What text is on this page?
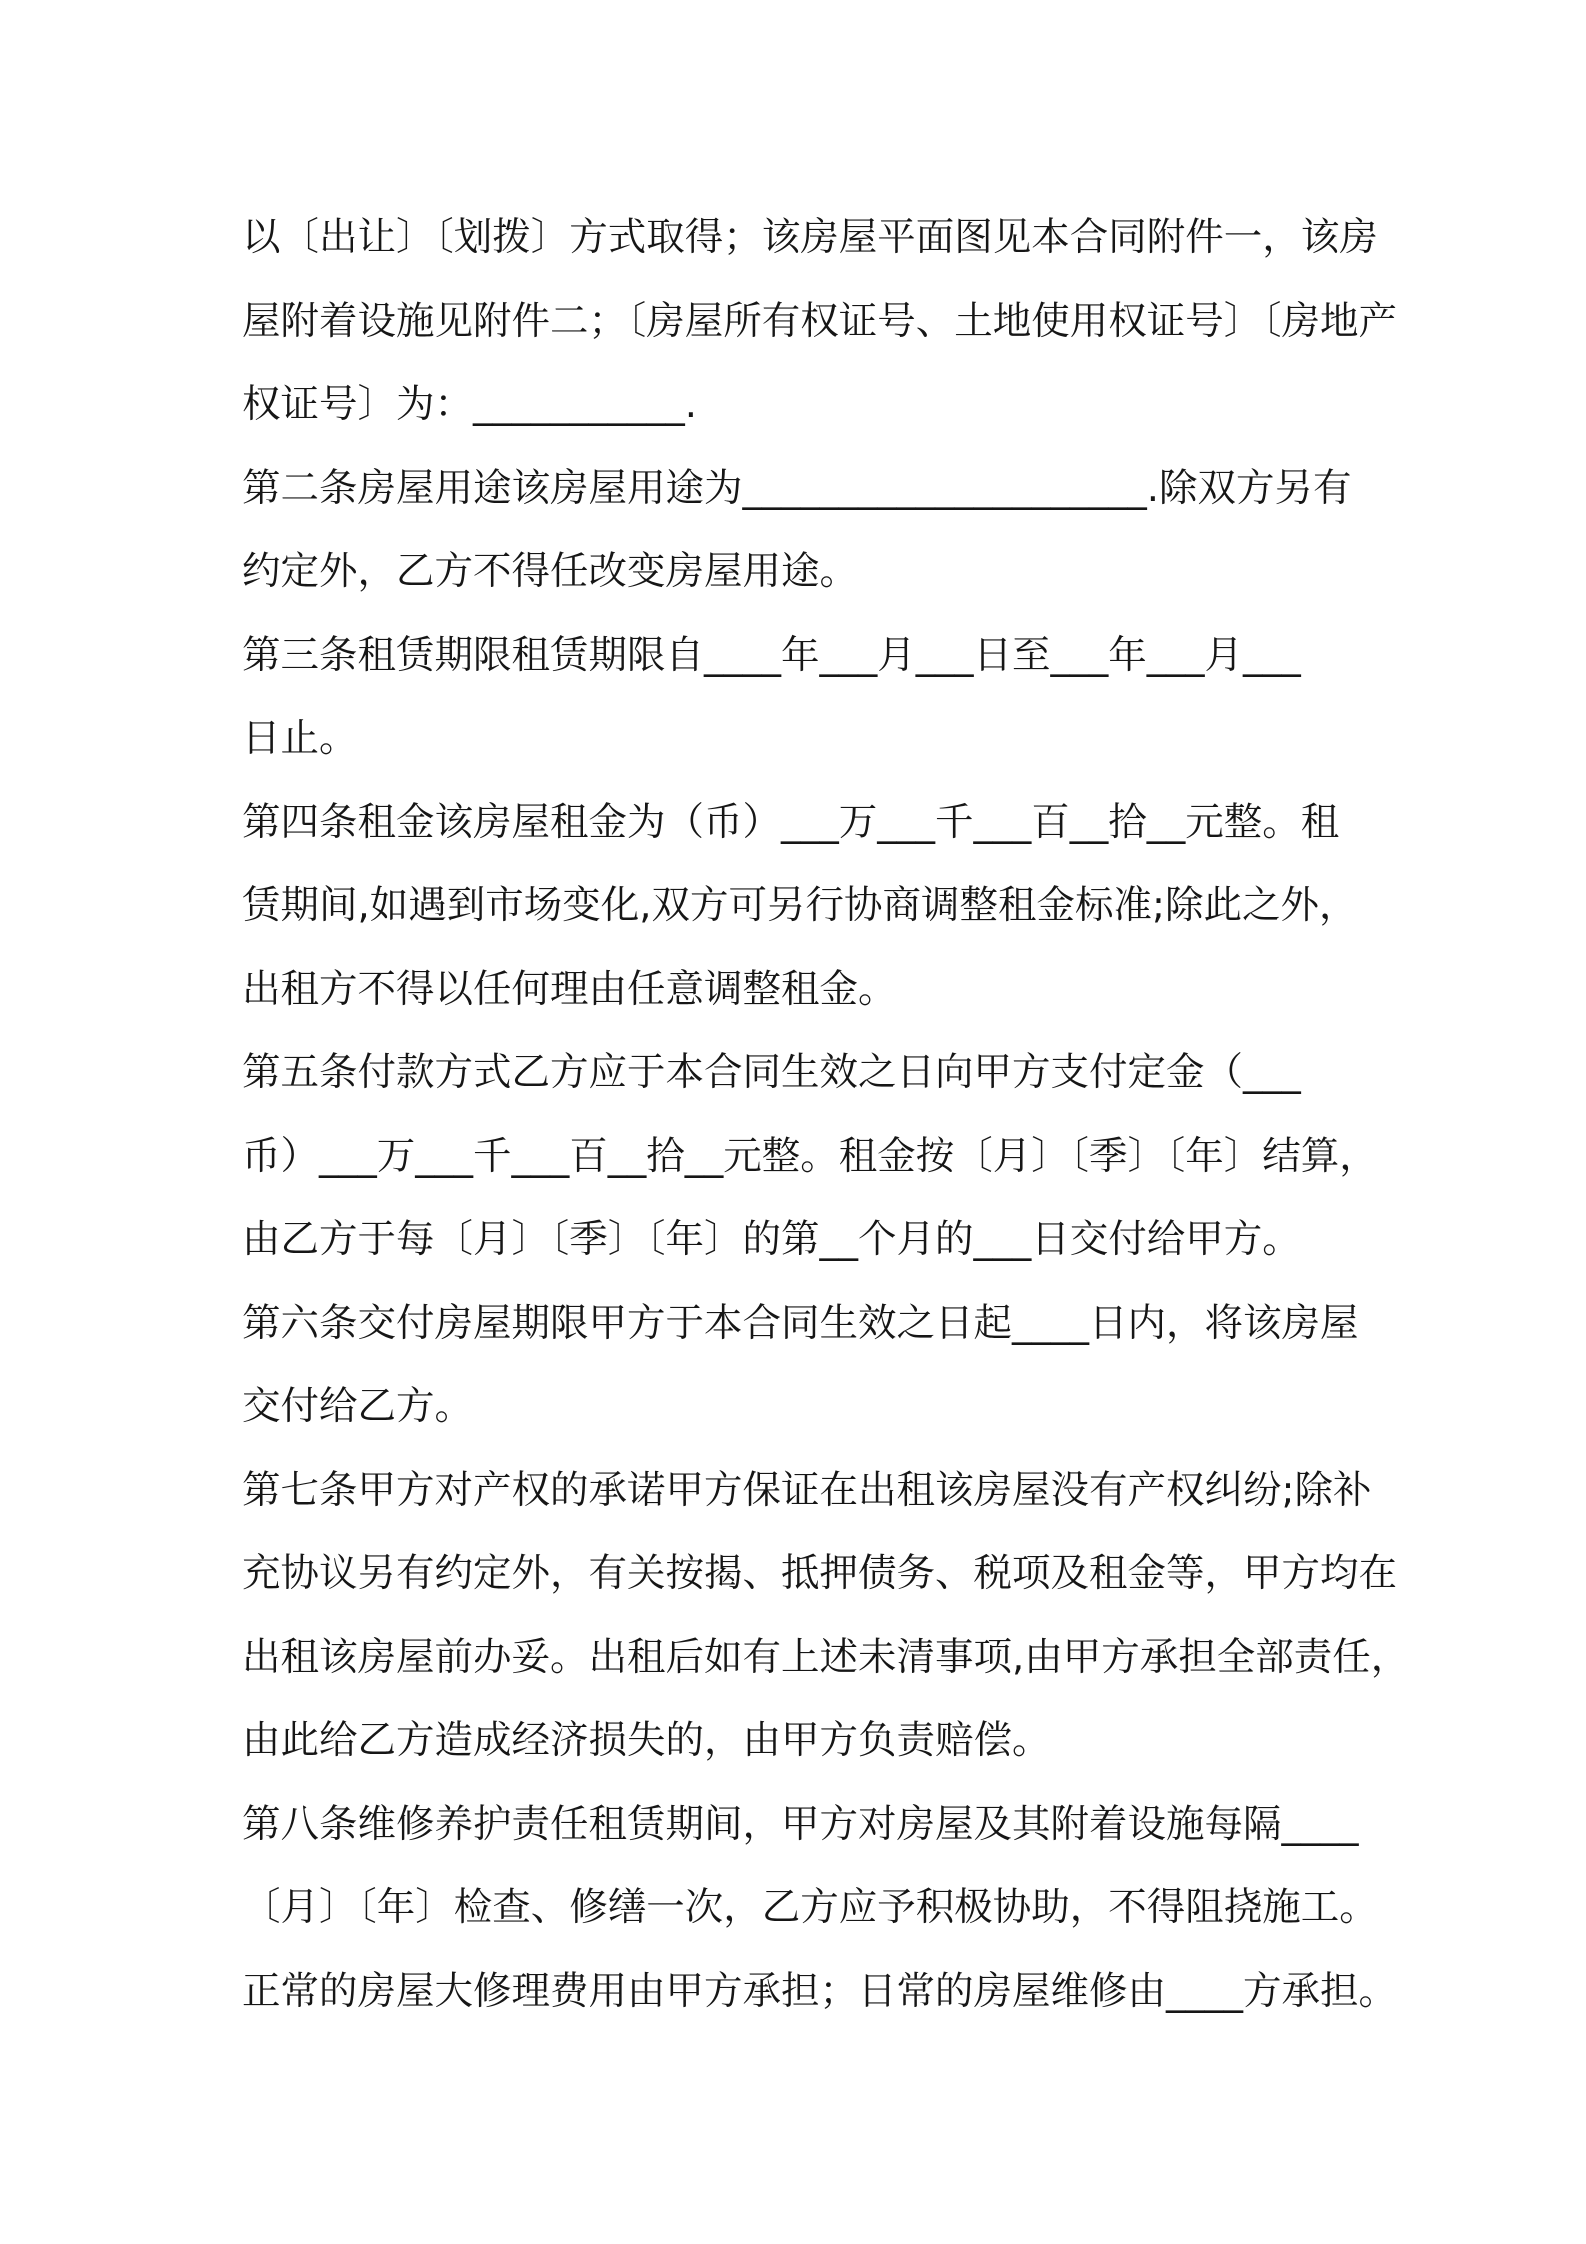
以〔出让〕〔划拨〕方式取得；该房屋平面图见本合同附件一，该房
屋附着设施见附件二；〔房屋所有权证号、土地使用权证号〕〔房地产
权证号〕为：___________.
第二条房屋用途该房屋用途为_____________________.除双方另有
约定外，乙方不得任改变房屋用途。
第三条租赁期限租赁期限自____年___月___日至___年___月___
日止。
第四条租金该房屋租金为（币）___万___千___百__拾__元整。租
赁期间,如遇到市场变化,双方可另行协商调整租金标准;除此之外，
出租方不得以任何理由任意调整租金。
第五条付款方式乙方应于本合同生效之日向甲方支付定金（___
币）___万___千___百__拾__元整。租金按〔月〕〔季〕〔年〕结算，
由乙方于每〔月〕〔季〕〔年〕的第__个月的___日交付给甲方。
第六条交付房屋期限甲方于本合同生效之日起____日内，将该房屋
交付给乙方。
第七条甲方对产权的承诺甲方保证在出租该房屋没有产权纠纷;除补
充协议另有约定外，有关按揭、抵押债务、税项及租金等，甲方均在
出租该房屋前办妥。出租后如有上述未清事项,由甲方承担全部责任，
由此给乙方造成经济损失的，由甲方负责赔偿。
第八条维修养护责任租赁期间，甲方对房屋及其附着设施每隔____
〔月〕〔年〕检查、修缮一次，乙方应予积极协助，不得阻挠施工。
正常的房屋大修理费用由甲方承担；日常的房屋维修由____方承担。
